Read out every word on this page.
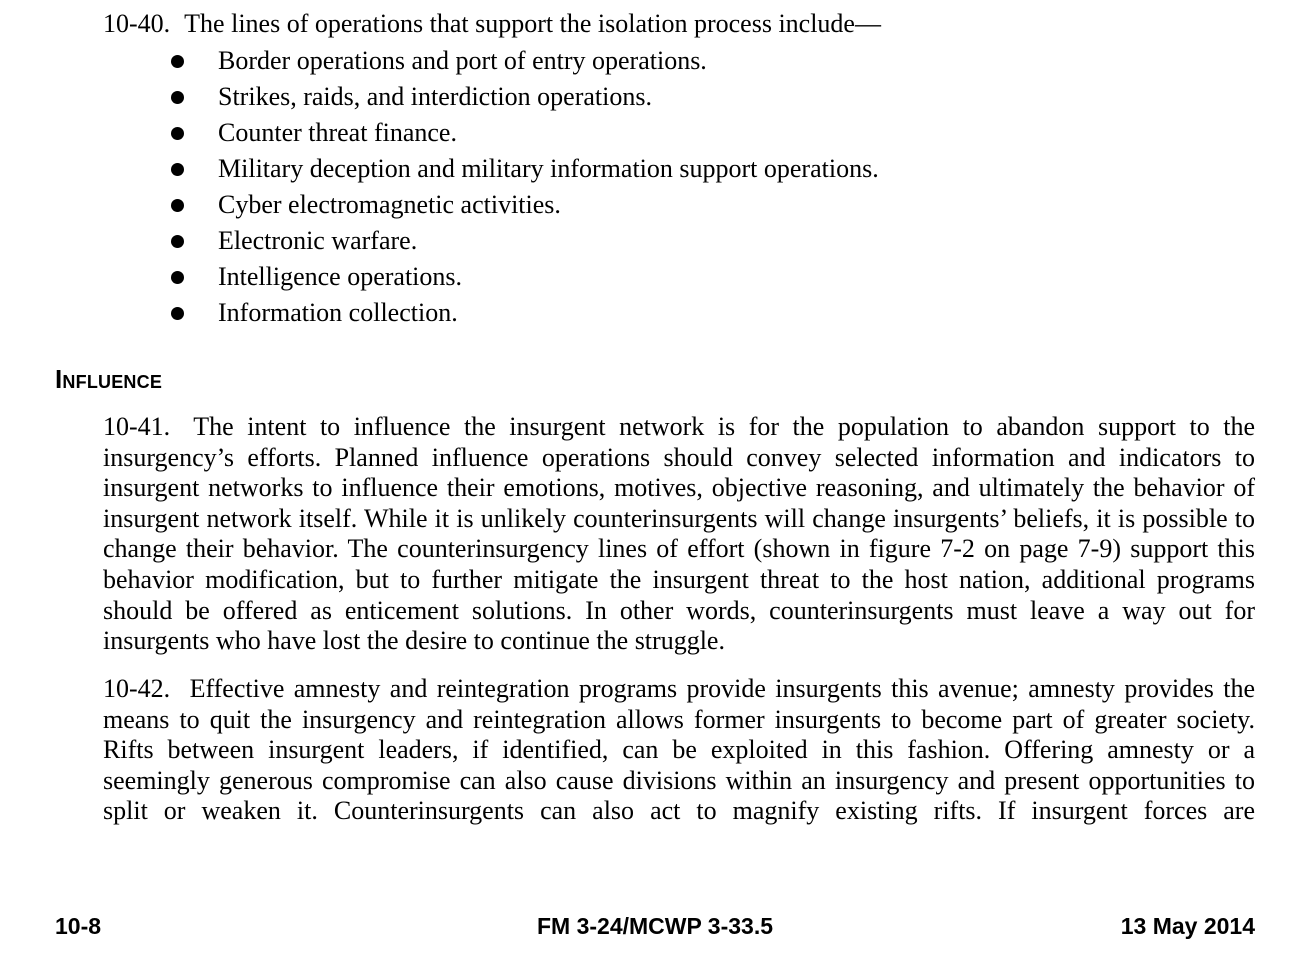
10-40. The lines of operations that support the isolation process include—

Border operations and port of entry operations.
Strikes, raids, and interdiction operations.
Counter threat finance.
Military deception and military information support operations.
Cyber electromagnetic activities.
Electronic warfare.
Intelligence operations.
Information collection.
Influence

10-41. The intent to influence the insurgent network is for the population to abandon support to the insurgency’s efforts. Planned influence operations should convey selected information and indicators to insurgent networks to influence their emotions, motives, objective reasoning, and ultimately the behavior of insurgent network itself. While it is unlikely counterinsurgents will change insurgents’ beliefs, it is possible to change their behavior. The counterinsurgency lines of effort (shown in figure 7-2 on page 7-9) support this behavior modification, but to further mitigate the insurgent threat to the host nation, additional programs should be offered as enticement solutions. In other words, counterinsurgents must leave a way out for insurgents who have lost the desire to continue the struggle.

10-42. Effective amnesty and reintegration programs provide insurgents this avenue; amnesty provides the means to quit the insurgency and reintegration allows former insurgents to become part of greater society. Rifts between insurgent leaders, if identified, can be exploited in this fashion. Offering amnesty or a seemingly generous compromise can also cause divisions within an insurgency and present opportunities to split or weaken it. Counterinsurgents can also act to magnify existing rifts. If insurgent forces are

10-8	FM 3-24/MCWP 3-33.5	13 May 2014
